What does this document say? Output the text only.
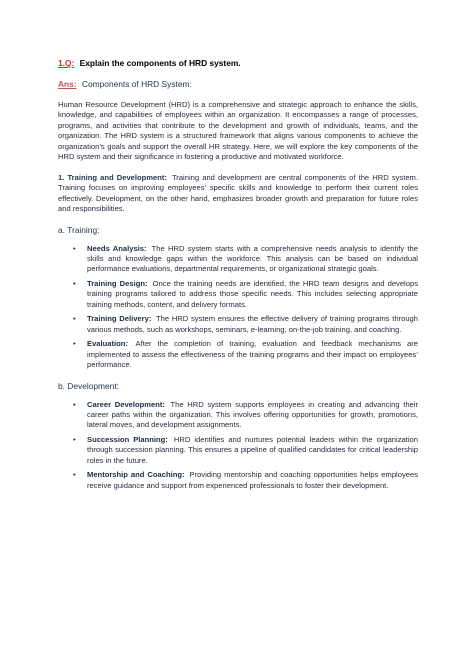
1.Q: Explain the components of HRD system.
Ans: Components of HRD System:

Human Resource Development (HRD) is a comprehensive and strategic approach to enhance the skills, knowledge, and capabilities of employees within an organization. It encompasses a range of processes, programs, and activities that contribute to the development and growth of individuals, teams, and the organization. The HRD system is a structured framework that aligns various components to achieve the organization’s goals and support the overall HR strategy. Here, we will explore the key components of the HRD system and their significance in fostering a productive and motivated workforce.

1. Training and Development: Training and development are central components of the HRD system. Training focuses on improving employees’ specific skills and knowledge to perform their current roles effectively. Development, on the other hand, emphasizes broader growth and preparation for future roles and responsibilities.

a. Training:
• Needs Analysis: The HRD system starts with a comprehensive needs analysis to identify the skills and knowledge gaps within the workforce. This analysis can be based on individual performance evaluations, departmental requirements, or organizational strategic goals.
• Training Design: Once the training needs are identified, the HRD team designs and develops training programs tailored to address those specific needs. This includes selecting appropriate training methods, content, and delivery formats.
• Training Delivery: The HRD system ensures the effective delivery of training programs through various methods, such as workshops, seminars, e-learning, on-the-job training, and coaching.
• Evaluation: After the completion of training, evaluation and feedback mechanisms are implemented to assess the effectiveness of the training programs and their impact on employees’ performance.
b. Development:
• Career Development: The HRD system supports employees in creating and advancing their career paths within the organization. This involves offering opportunities for growth, promotions, lateral moves, and development assignments.
• Succession Planning: HRD identifies and nurtures potential leaders within the organization through succession planning. This ensures a pipeline of qualified candidates for critical leadership roles in the future.
• Mentorship and Coaching: Providing mentorship and coaching opportunities helps employees receive guidance and support from experienced professionals to foster their development.
